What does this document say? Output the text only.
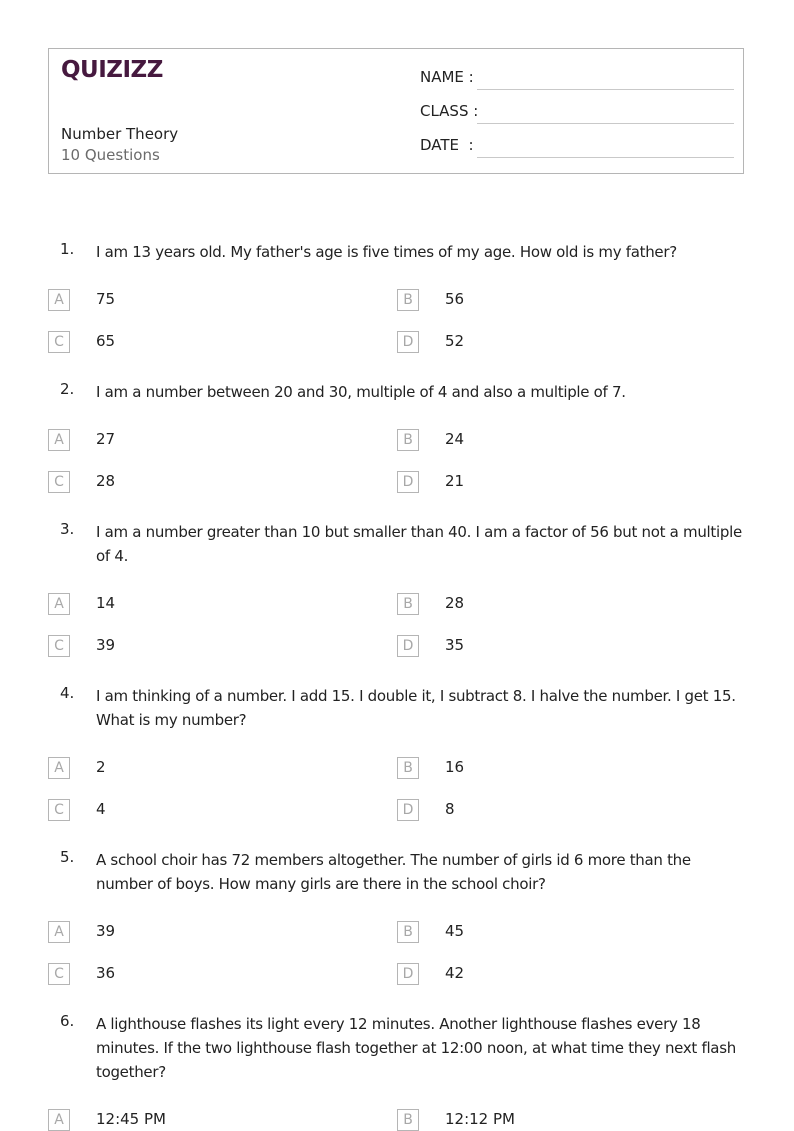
QUIZIZZ
Number Theory
10 Questions
NAME :
CLASS :
DATE  :
1. I am 13 years old. My father's age is five times of my age. How old is my father?
A	75	B	56
C	65	D	52
2. I am a number between 20 and 30, multiple of 4 and also a multiple of 7.
A	27	B	24
C	28	D	21
3. I am a number greater than 10 but smaller than 40. I am a factor of 56 but not a multiple of 4.
A	14	B	28
C	39	D	35
4. I am thinking of a number. I add 15. I double it, I subtract 8. I halve the number. I get 15. What is my number?
A	2	B	16
C	4	D	8
5. A school choir has 72 members altogether. The number of girls id 6 more than the number of boys. How many girls are there in the school choir?
A	39	B	45
C	36	D	42
6. A lighthouse flashes its light every 12 minutes. Another lighthouse flashes every 18 minutes. If the two lighthouse flash together at 12:00 noon, at what time they next flash together?
A	12:45 PM	B	12:12 PM
